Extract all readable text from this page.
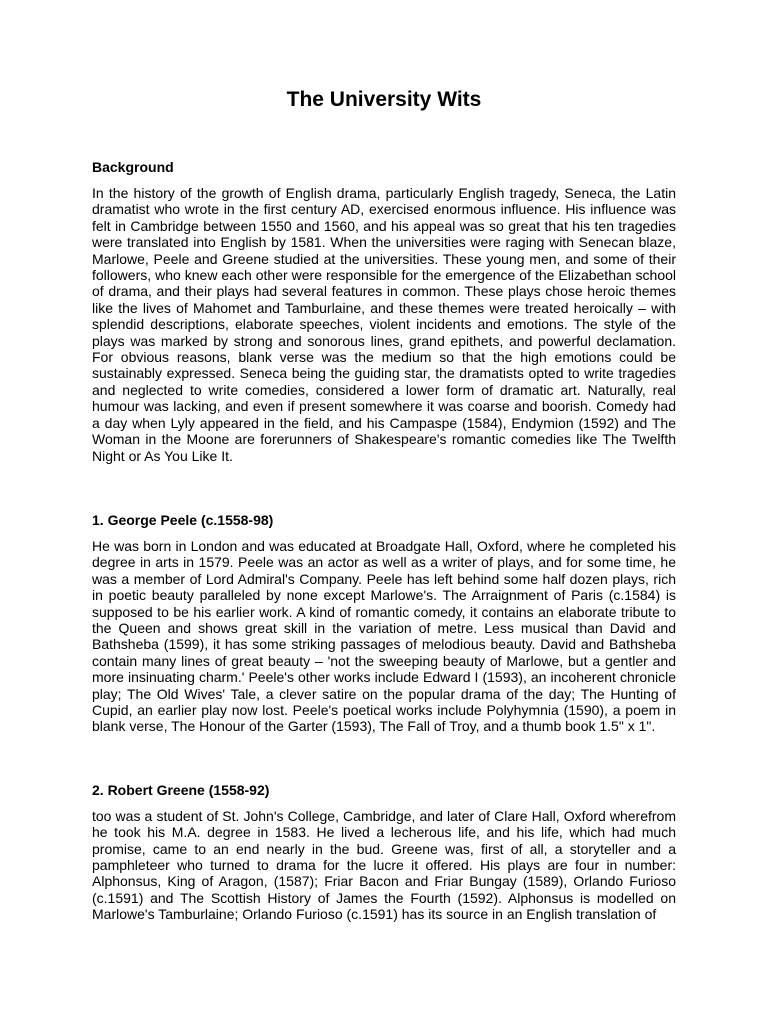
The University Wits
Background

In the history of the growth of English drama, particularly English tragedy, Seneca, the Latin dramatist who wrote in the first century AD, exercised enormous influence. His influence was felt in Cambridge between 1550 and 1560, and his appeal was so great that his ten tragedies were translated into English by 1581. When the universities were raging with Senecan blaze, Marlowe, Peele and Greene studied at the universities. These young men, and some of their followers, who knew each other were responsible for the emergence of the Elizabethan school of drama, and their plays had several features in common. These plays chose heroic themes like the lives of Mahomet and Tamburlaine, and these themes were treated heroically – with splendid descriptions, elaborate speeches, violent incidents and emotions. The style of the plays was marked by strong and sonorous lines, grand epithets, and powerful declamation. For obvious reasons, blank verse was the medium so that the high emotions could be sustainably expressed. Seneca being the guiding star, the dramatists opted to write tragedies and neglected to write comedies, considered a lower form of dramatic art. Naturally, real humour was lacking, and even if present somewhere it was coarse and boorish. Comedy had a day when Lyly appeared in the field, and his Campaspe (1584), Endymion (1592) and The Woman in the Moone are forerunners of Shakespeare's romantic comedies like The Twelfth Night or As You Like It.

1. George Peele (c.1558-98)

He was born in London and was educated at Broadgate Hall, Oxford, where he completed his degree in arts in 1579. Peele was an actor as well as a writer of plays, and for some time, he was a member of Lord Admiral's Company. Peele has left behind some half dozen plays, rich in poetic beauty paralleled by none except Marlowe's. The Arraignment of Paris (c.1584) is supposed to be his earlier work. A kind of romantic comedy, it contains an elaborate tribute to the Queen and shows great skill in the variation of metre. Less musical than David and Bathsheba (1599), it has some striking passages of melodious beauty. David and Bathsheba contain many lines of great beauty – 'not the sweeping beauty of Marlowe, but a gentler and more insinuating charm.' Peele's other works include Edward I (1593), an incoherent chronicle play; The Old Wives' Tale, a clever satire on the popular drama of the day; The Hunting of Cupid, an earlier play now lost. Peele's poetical works include Polyhymnia (1590), a poem in blank verse, The Honour of the Garter (1593), The Fall of Troy, and a thumb book 1.5" x 1".

2. Robert Greene (1558-92)

too was a student of St. John's College, Cambridge, and later of Clare Hall, Oxford wherefrom he took his M.A. degree in 1583. He lived a lecherous life, and his life, which had much promise, came to an end nearly in the bud. Greene was, first of all, a storyteller and a pamphleteer who turned to drama for the lucre it offered. His plays are four in number: Alphonsus, King of Aragon, (1587); Friar Bacon and Friar Bungay (1589), Orlando Furioso (c.1591) and The Scottish History of James the Fourth (1592). Alphonsus is modelled on Marlowe's Tamburlaine; Orlando Furioso (c.1591) has its source in an English translation of
